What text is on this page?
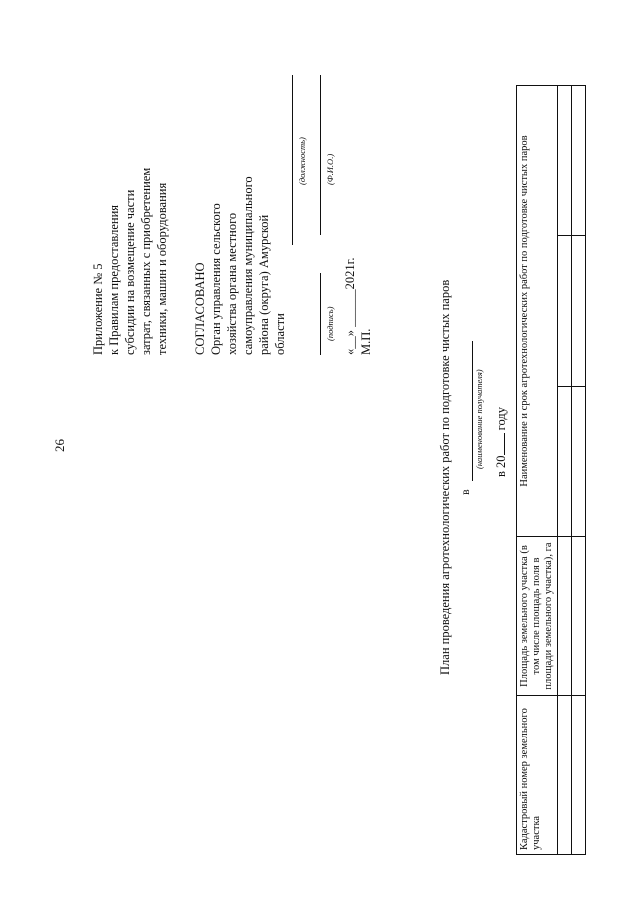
26
Приложение № 5 к Правилам предоставления субсидии на возмещение части затрат, связанных с приобретением техники, машин и оборудования СОГЛАСОВАНО Орган управления сельского хозяйства органа местного самоуправления муниципального района (округа) Амурской области
(должность)
(подпись)
(Ф.И.О.)
«__» ______2021г. М.П.	План проведения агротехнологических работ по подготовке чистых паров в
(наименование получателя) в 20 году
Кадастровый номер земельного участка	Площадь земельного участка (в том числе площадь поля в площади земельного участка), га	Наименование и срок агротехнологических работ по подготовке чистых паров		
